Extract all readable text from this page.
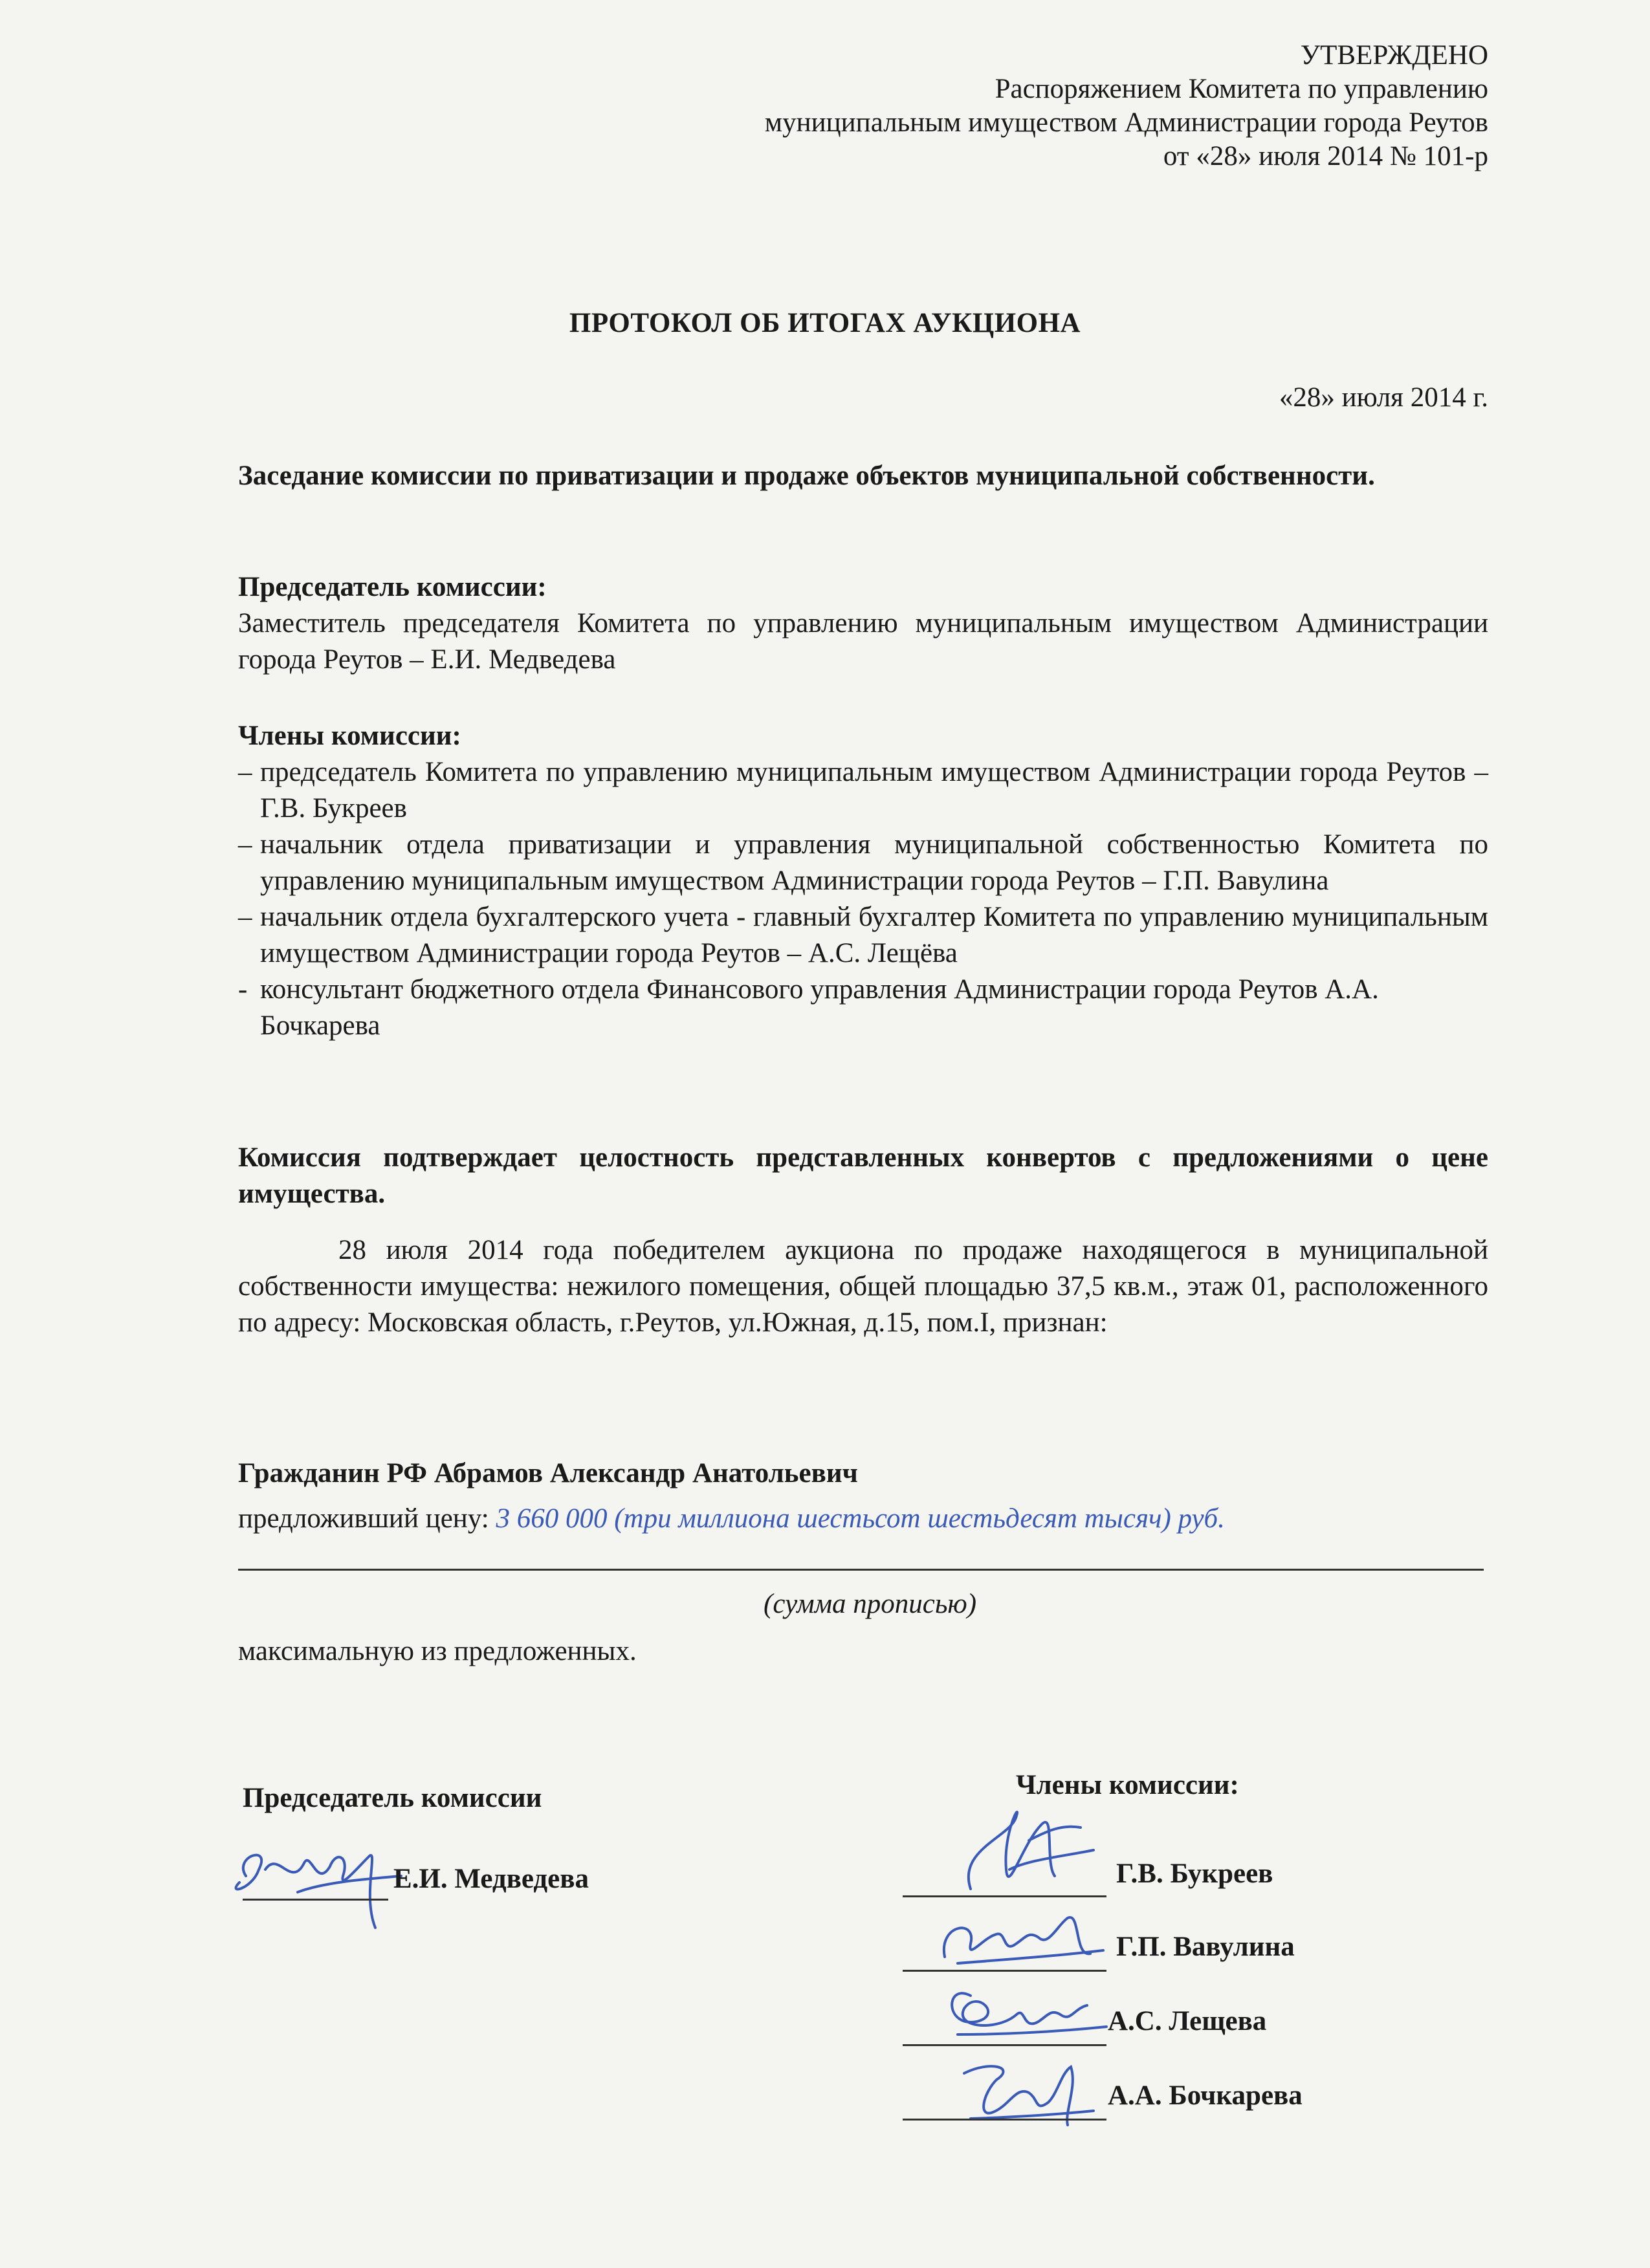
УТВЕРЖДЕНО
Распоряжением Комитета по управлению
муниципальным имуществом Администрации города Реутов
от «28» июля 2014 № 101-р
ПРОТОКОЛ ОБ ИТОГАХ АУКЦИОНА
«28» июля 2014 г.
Заседание комиссии по приватизации и продаже объектов муниципальной собственности.
Председатель комиссии:
Заместитель председателя Комитета по управлению муниципальным имуществом Администрации города Реутов – Е.И. Медведева
Члены комиссии:
– председатель Комитета по управлению муниципальным имуществом Администрации города Реутов – Г.В. Букреев
– начальник отдела приватизации и управления муниципальной собственностью Комитета по управлению муниципальным имуществом Администрации города Реутов – Г.П. Вавулина
– начальник отдела бухгалтерского учета - главный бухгалтер Комитета по управлению муниципальным имуществом Администрации города Реутов – А.С. Лещёва
- консультант бюджетного отдела Финансового управления Администрации города Реутов А.А. Бочкарева
Комиссия подтверждает целостность представленных конвертов с предложениями о цене имущества.
28 июля 2014 года победителем аукциона по продаже находящегося в муниципальной собственности имущества: нежилого помещения, общей площадью 37,5 кв.м., этаж 01, расположенного по адресу: Московская область, г.Реутов, ул.Южная, д.15, пом.I, признан:
Гражданин РФ Абрамов Александр Анатольевич
предложивший цену: 3 660 000 (три миллиона шестьсот шестьдесят тысяч) руб.
(сумма прописью)
максимальную из предложенных.
Председатель комиссии
Е.И. Медведева
Члены комиссии:
Г.В. Букреев
Г.П. Вавулина
А.С. Лещева
А.А. Бочкарева
